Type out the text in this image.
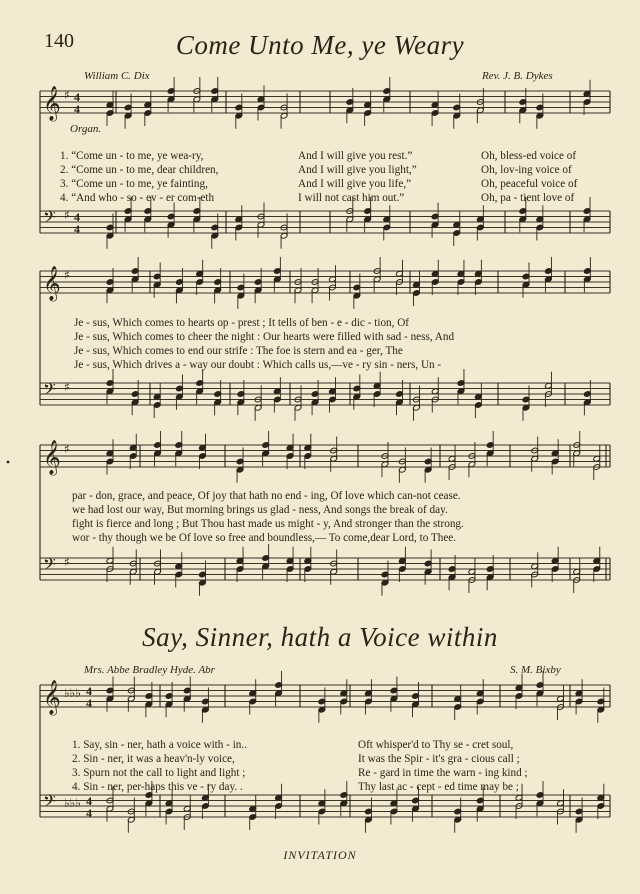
140	Come Unto Me, ye Weary
William C. Dix	Rev. J. B. Dykes
𝄞 ♯ 4
4
𝄢 ♯ 4
4
𝄞 ♯
𝄢 ♯
𝄞 ♯
𝄢 ♯
𝄞 ♭♭♭ 4
4
𝄢 ♭♭♭ 4
4
Organ.
1. “Come un - to me, ye wea-ry,	And I will give you rest.”	Oh, bless-ed voice of
2. “Come un - to me, dear children,	And I will give you light,”	Oh, lov-ing voice of
3. “Come un - to me, ye fainting,	And I will give you life,”	Oh, peaceful voice of
4. “And who - so - ev - er com-eth	I will not cast him out.”	Oh, pa - tient love of
Je - sus, Which comes to hearts op - prest ; It tells of ben - e - dic - tion, Of
Je - sus, Which comes to cheer the night : Our hearts were filled with sad - ness, And
Je - sus, Which comes to end our strife : The foe is stern and ea - ger, The
Je - sus, Which drives a - way our doubt : Which calls us,—ve - ry sin - ners, Un -
par - don, grace, and peace, Of joy that hath no end - ing, Of love which can-not cease.
we had lost our way, But morning brings us glad - ness, And songs the break of day.
fight is fierce and long ; But Thou hast made us might - y, And stronger than the strong.
wor - thy though we be Of love so free and boundless,— To come,dear Lord, to Thee.
Say, Sinner, hath a Voice within
Mrs. Abbe Bradley Hyde. Abr	S. M. Bixby
1. Say, sin - ner, hath a voice with - in..	Oft whisper'd to Thy se - cret soul,
2. Sin - ner, it was a heav'n-ly voice,	It was the Spir - it's gra - cious call ;
3. Spurn not the call to light and light ;	Re - gard in time the warn - ing kind ;
4. Sin - ner, per-haps this ve - ry day. .	Thy last ac - cept - ed time may be ;
INVITATION
